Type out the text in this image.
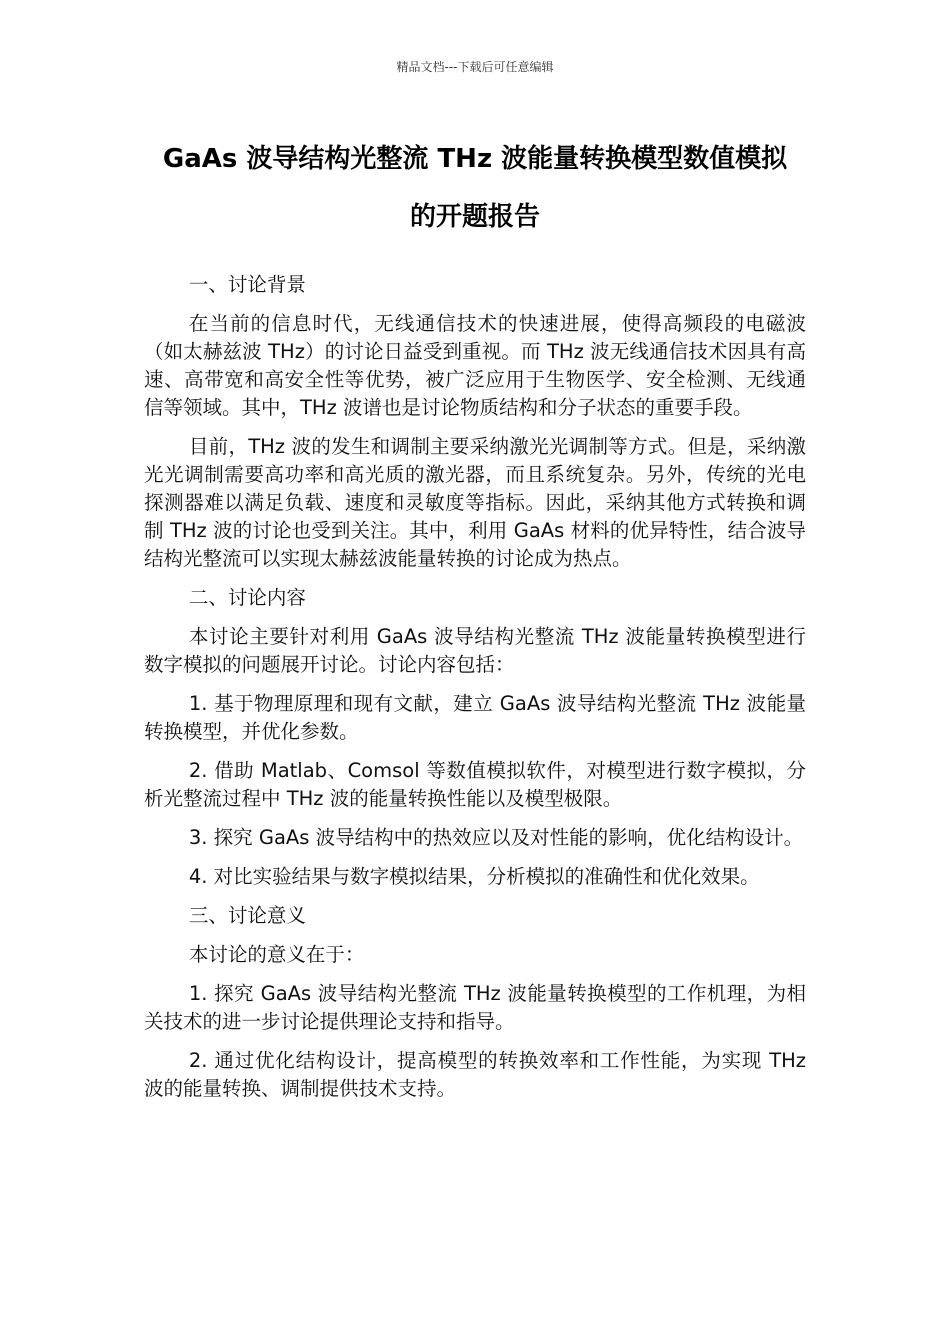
精品文档---下载后可任意编辑
GaAs 波导结构光整流 THz 波能量转换模型数值模拟
的开题报告

一、讨论背景

在当前的信息时代，无线通信技术的快速进展，使得高频段的电磁波（如太赫兹波 THz）的讨论日益受到重视。而 THz 波无线通信技术因具有高速、高带宽和高安全性等优势，被广泛应用于生物医学、安全检测、无线通信等领域。其中，THz 波谱也是讨论物质结构和分子状态的重要手段。

目前，THz 波的发生和调制主要采纳激光光调制等方式。但是，采纳激光光调制需要高功率和高光质的激光器，而且系统复杂。另外，传统的光电探测器难以满足负载、速度和灵敏度等指标。因此，采纳其他方式转换和调制 THz 波的讨论也受到关注。其中，利用 GaAs 材料的优异特性，结合波导结构光整流可以实现太赫兹波能量转换的讨论成为热点。

二、讨论内容

本讨论主要针对利用 GaAs 波导结构光整流 THz 波能量转换模型进行数字模拟的问题展开讨论。讨论内容包括：

1. 基于物理原理和现有文献，建立 GaAs 波导结构光整流 THz 波能量转换模型，并优化参数。

2. 借助 Matlab、Comsol 等数值模拟软件，对模型进行数字模拟，分析光整流过程中 THz 波的能量转换性能以及模型极限。

3. 探究 GaAs 波导结构中的热效应以及对性能的影响，优化结构设计。

4. 对比实验结果与数字模拟结果，分析模拟的准确性和优化效果。

三、讨论意义

本讨论的意义在于：

1. 探究 GaAs 波导结构光整流 THz 波能量转换模型的工作机理，为相关技术的进一步讨论提供理论支持和指导。

2. 通过优化结构设计，提高模型的转换效率和工作性能，为实现 THz 波的能量转换、调制提供技术支持。
